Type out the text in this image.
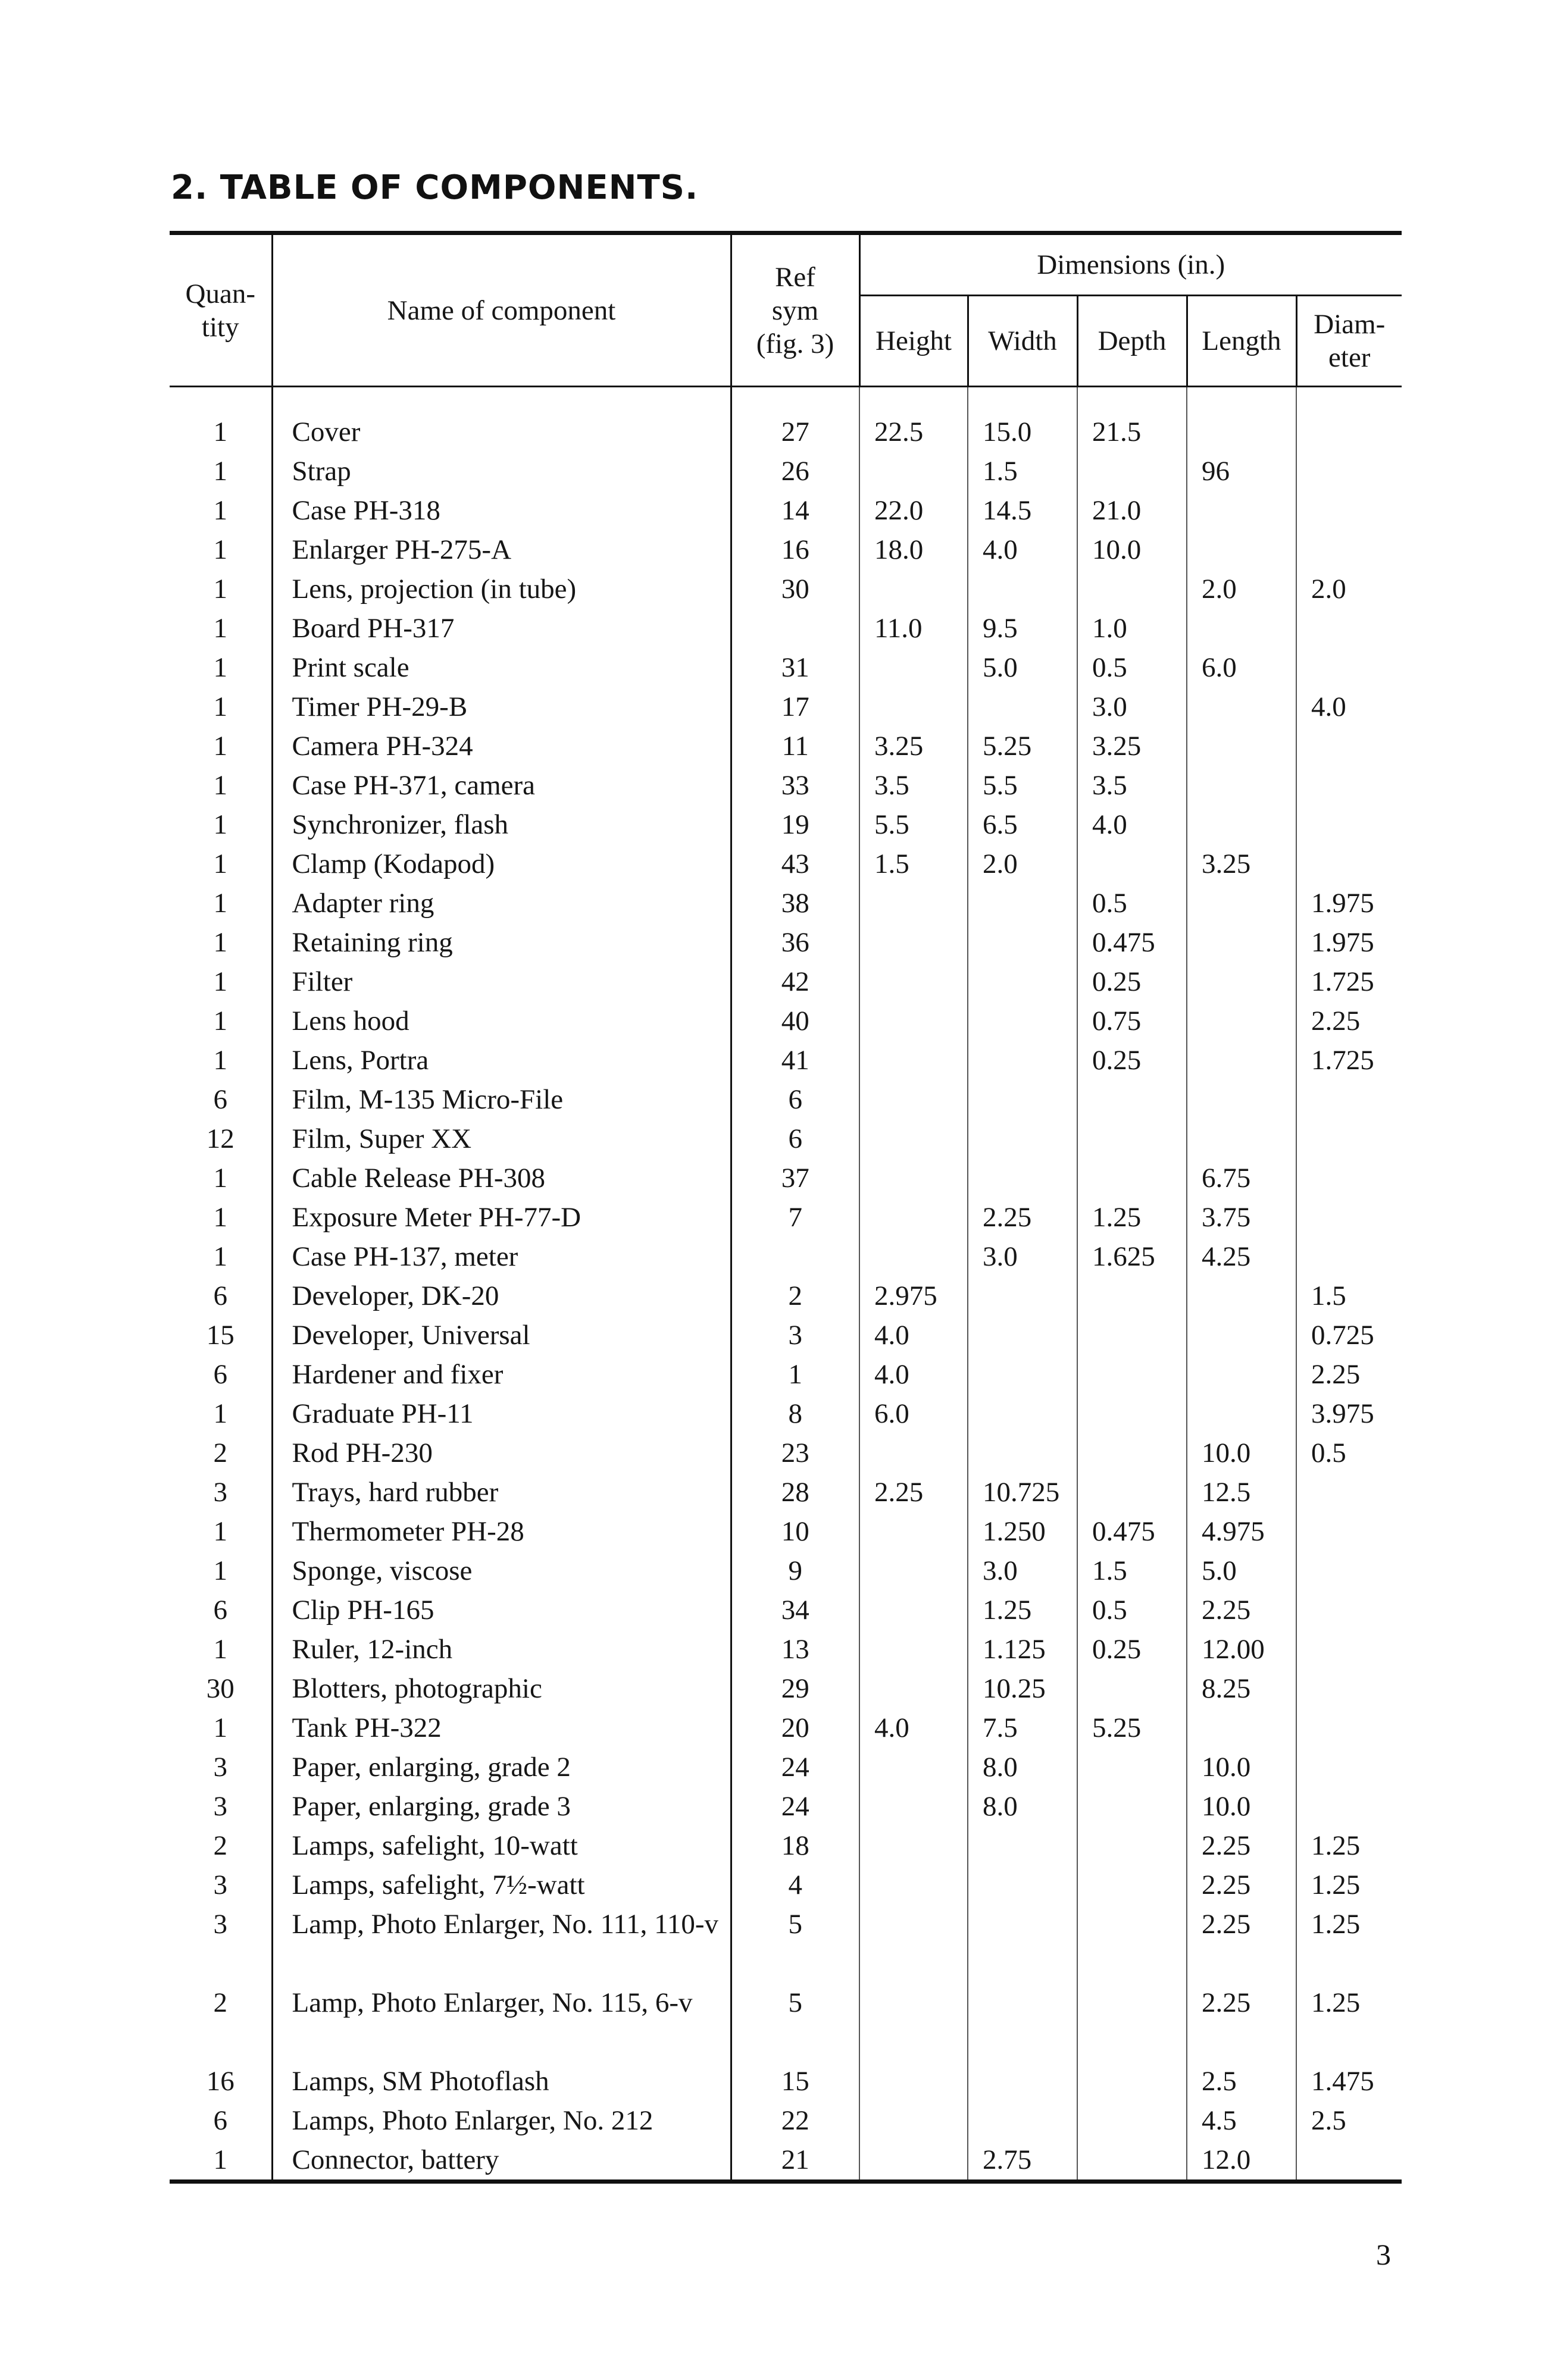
2. TABLE OF COMPONENTS.
Quan-
tity	Name of component	Ref
sym
(fig. 3)	Dimensions (in.)				
			Height	Width	Depth	Length	Diam-
eter

1	Cover	27	22.5	15.0	21.5		
1	Strap	26		1.5		96	
1	Case PH-318	14	22.0	14.5	21.0		
1	Enlarger PH-275-A	16	18.0	4.0	10.0		
1	Lens, projection (in tube)	30				2.0	2.0
1	Board PH-317		11.0	9.5	1.0		
1	Print scale	31		5.0	0.5	6.0	
1	Timer PH-29-B	17			3.0		4.0
1	Camera PH-324	11	3.25	5.25	3.25		
1	Case PH-371, camera	33	3.5	5.5	3.5		
1	Synchronizer, flash	19	5.5	6.5	4.0		
1	Clamp (Kodapod)	43	1.5	2.0		3.25	
1	Adapter ring	38			0.5		1.975
1	Retaining ring	36			0.475		1.975
1	Filter	42			0.25		1.725
1	Lens hood	40			0.75		2.25
1	Lens, Portra	41			0.25		1.725
6	Film, M-135 Micro-File	6					
12	Film, Super XX	6					
1	Cable Release PH-308	37				6.75	
1	Exposure Meter PH-77-D	7		2.25	1.25	3.75	
1	Case PH-137, meter			3.0	1.625	4.25	
6	Developer, DK-20	2	2.975				1.5
15	Developer, Universal	3	4.0				0.725
6	Hardener and fixer	1	4.0				2.25
1	Graduate PH-11	8	6.0				3.975
2	Rod PH-230	23				10.0	0.5
3	Trays, hard rubber	28	2.25	10.725		12.5	
1	Thermometer PH-28	10		1.250	0.475	4.975	
1	Sponge, viscose	9		3.0	1.5	5.0	
6	Clip PH-165	34		1.25	0.5	2.25	
1	Ruler, 12-inch	13		1.125	0.25	12.00	
30	Blotters, photographic	29		10.25		8.25	
1	Tank PH-322	20	4.0	7.5	5.25		
3	Paper, enlarging, grade 2	24		8.0		10.0	
3	Paper, enlarging, grade 3	24		8.0		10.0	
2	Lamps, safelight, 10-watt	18				2.25	1.25
3	Lamps, safelight, 7½-watt	4				2.25	1.25
3	Lamp, Photo Enlarger, No. 111, 110-v	5				2.25	1.25
2	Lamp, Photo Enlarger, No. 115, 6-v	5				2.25	1.25
16	Lamps, SM Photoflash	15				2.5	1.475
6	Lamps, Photo Enlarger, No. 212	22				4.5	2.5
1	Connector, battery	21		2.75		12.0	
3
